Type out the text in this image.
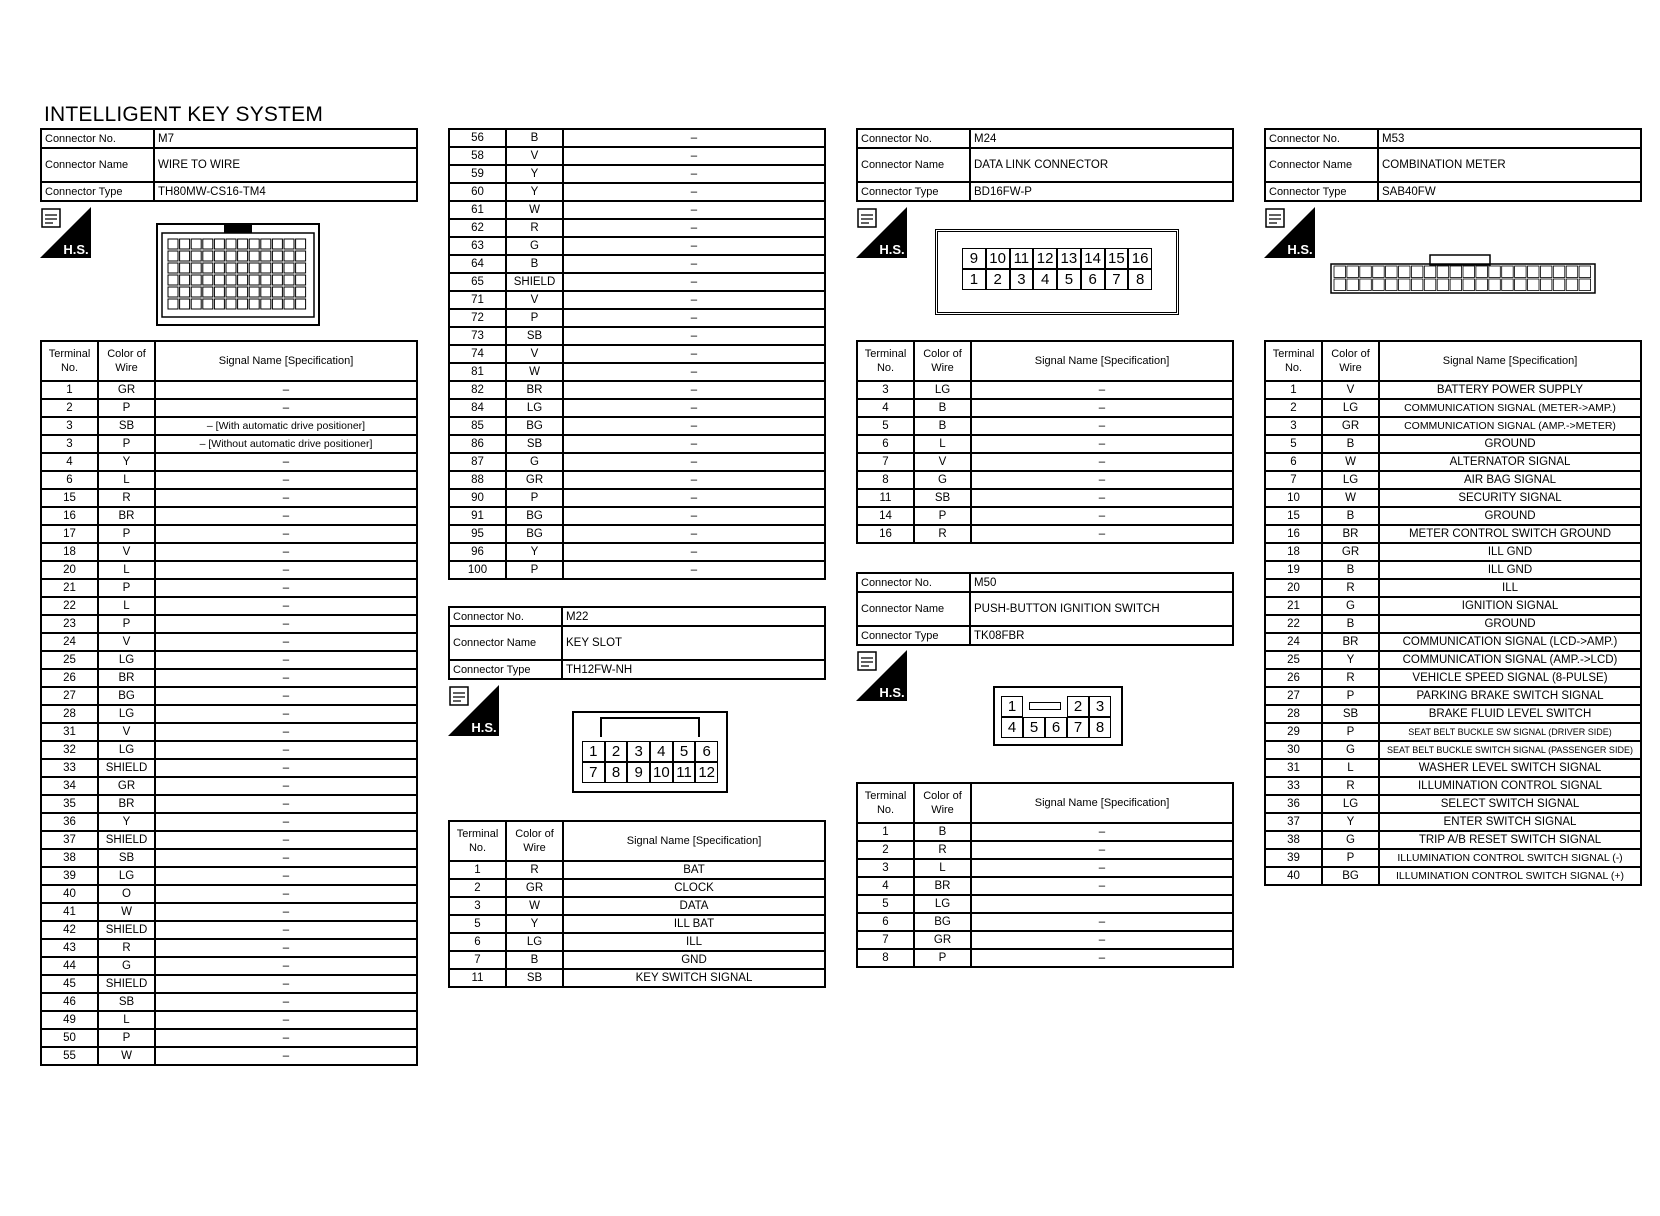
INTELLIGENT KEY SYSTEM
Connector No.	M7
Connector Name	WIRE TO WIRE
Connector Type	TH80MW-CS16-TM4
H.S.
Terminal No.	Color of Wire	Signal Name [Specification]
1	GR	–
2	P	–
3	SB	– [With automatic drive positioner]
3	P	– [Without automatic drive positioner]
4	Y	–
6	L	–
15	R	–
16	BR	–
17	P	–
18	V	–
20	L	–
21	P	–
22	L	–
23	P	–
24	V	–
25	LG	–
26	BR	–
27	BG	–
28	LG	–
31	V	–
32	LG	–
33	SHIELD	–
34	GR	–
35	BR	–
36	Y	–
37	SHIELD	–
38	SB	–
39	LG	–
40	O	–
41	W	–
42	SHIELD	–
43	R	–
44	G	–
45	SHIELD	–
46	SB	–
49	L	–
50	P	–
55	W	–
56	B	–
58	V	–
59	Y	–
60	Y	–
61	W	–
62	R	–
63	G	–
64	B	–
65	SHIELD	–
71	V	–
72	P	–
73	SB	–
74	V	–
81	W	–
82	BR	–
84	LG	–
85	BG	–
86	SB	–
87	G	–
88	GR	–
90	P	–
91	BG	–
95	BG	–
96	Y	–
100	P	–
Connector No.	M22
Connector Name	KEY SLOT
Connector Type	TH12FW-NH
H.S.
1 2 3 4 5 6
7 8 9 10 11 12
Terminal No.	Color of Wire	Signal Name [Specification]
1	R	BAT
2	GR	CLOCK
3	W	DATA
5	Y	ILL BAT
6	LG	ILL
7	B	GND
11	SB	KEY SWITCH SIGNAL
Connector No.	M24
Connector Name	DATA LINK CONNECTOR
Connector Type	BD16FW-P
H.S.
9 10 11 12 13 14 15 16
1	2	3	4	5	6	7	8
Terminal No.	Color of Wire	Signal Name [Specification]
3	LG	–
4	B	–
5	B	–
6	L	–
7	V	–
8	G	–
11	SB	–
14	P	–
16	R	–
Connector No.	M50
Connector Name	PUSH-BUTTON IGNITION SWITCH
Connector Type	TK08FBR
H.S.
1	2 3
4 5 6 7 8
Terminal No.	Color of Wire	Signal Name [Specification]
1	B	–
2	R	–
3	L	–
4	BR	–
5	LG	
6	BG	–
7	GR	–
8	P	–
Connector No.	M53
Connector Name	COMBINATION METER
Connector Type	SAB40FW
H.S.
Terminal No.	Color of Wire	Signal Name [Specification]
1	V	BATTERY POWER SUPPLY
2	LG	COMMUNICATION SIGNAL (METER->AMP.)
3	GR	COMMUNICATION SIGNAL (AMP.->METER)
5	B	GROUND
6	W	ALTERNATOR SIGNAL
7	LG	AIR BAG SIGNAL
10	W	SECURITY SIGNAL
15	B	GROUND
16	BR	METER CONTROL SWITCH GROUND
18	GR	ILL GND
19	B	ILL GND
20	R	ILL
21	G	IGNITION SIGNAL
22	B	GROUND
24	BR	COMMUNICATION SIGNAL (LCD->AMP.)
25	Y	COMMUNICATION SIGNAL (AMP.->LCD)
26	R	VEHICLE SPEED SIGNAL (8-PULSE)
27	P	PARKING BRAKE SWITCH SIGNAL
28	SB	BRAKE FLUID LEVEL SWITCH
29	P	SEAT BELT BUCKLE SW SIGNAL (DRIVER SIDE)
30	G	SEAT BELT BUCKLE SWITCH SIGNAL (PASSENGER SIDE)
31	L	WASHER LEVEL SWITCH SIGNAL
33	R	ILLUMINATION CONTROL SIGNAL
36	LG	SELECT SWITCH SIGNAL
37	Y	ENTER SWITCH SIGNAL
38	G	TRIP A/B RESET SWITCH SIGNAL
39	P	ILLUMINATION CONTROL SWITCH SIGNAL (-)
40	BG	ILLUMINATION CONTROL SWITCH SIGNAL (+)
